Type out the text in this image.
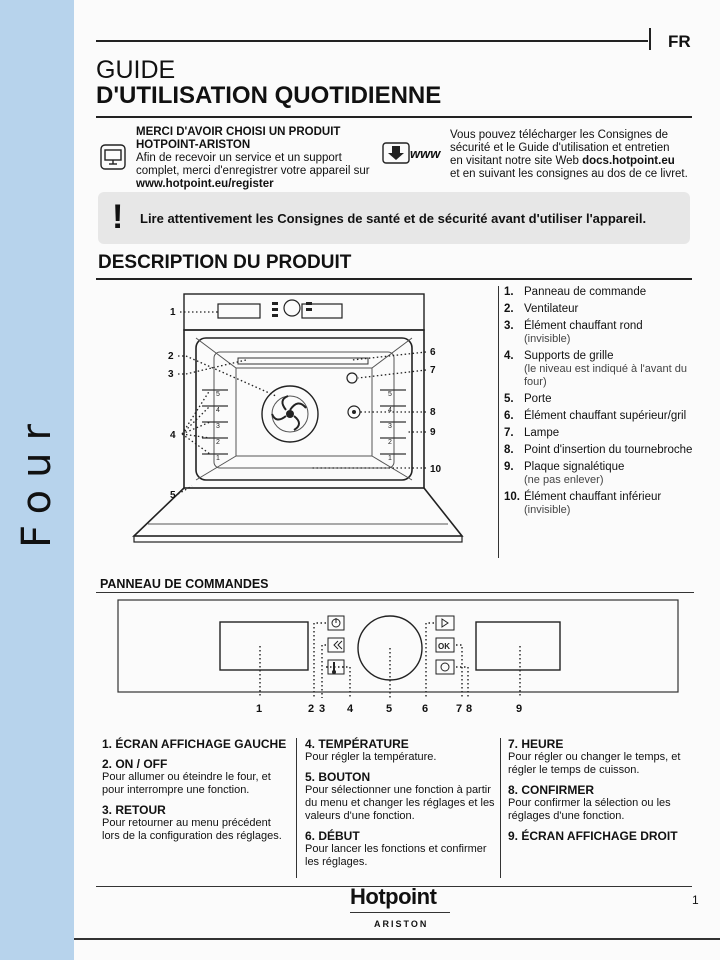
Four
FR
GUIDE
D'UTILISATION QUOTIDIENNE
MERCI D'AVOIR CHOISI UN PRODUIT
HOTPOINT-ARISTON
Afin de recevoir un service et un support
complet, merci d'enregistrer votre appareil sur
www.hotpoint.eu/register
www
Vous pouvez télécharger les Consignes de
sécurité et le Guide d'utilisation et entretien
en visitant notre site Web docs.hotpoint.eu
et en suivant les consignes au dos de ce livret.
! Lire attentivement les Consignes de santé et de sécurité avant d'utiliser l'appareil.
DESCRIPTION DU PRODUIT
5
4
3
2
1
5
4
3
2
1
1
2
3
4
5
6
7
8
9
10
1. Panneau de commande
2. Ventilateur
3. Élément chauffant rond
(invisible)
4. Supports de grille
(le niveau est indiqué à l'avant du four)
5. Porte
6. Élément chauffant supérieur/gril
7. Lampe
8. Point d'insertion du tournebroche
9. Plaque signalétique
(ne pas enlever)
10. Élément chauffant inférieur
(invisible)
PANNEAU DE COMMANDES
OK
1	2 3 4	5	6	7 8	9
1. ÉCRAN AFFICHAGE GAUCHE
2. ON / OFF
Pour allumer ou éteindre le four, et pour interrompre une fonction.
3. RETOUR
Pour retourner au menu précédent lors de la configuration des réglages.
4. TEMPÉRATURE
Pour régler la température.
5. BOUTON
Pour sélectionner une fonction à partir du menu et changer les réglages et les valeurs d'une fonction.
6. DÉBUT
Pour lancer les fonctions et confirmer les réglages.
7. HEURE
Pour régler ou changer le temps, et régler le temps de cuisson.
8. CONFIRMER
Pour confirmer la sélection ou les réglages d'une fonction.
9. ÉCRAN AFFICHAGE DROIT
Hotpoint
ARISTON
1
